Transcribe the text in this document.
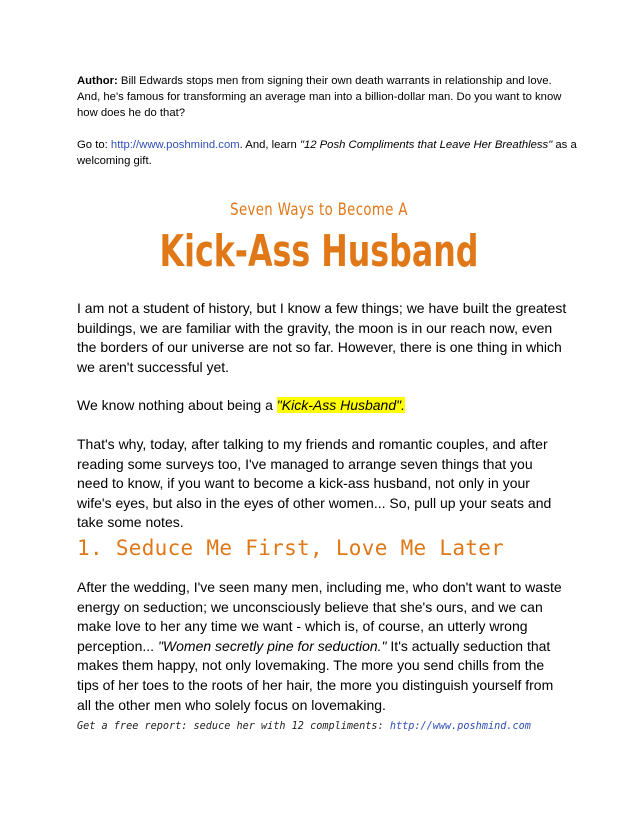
Author: Bill Edwards stops men from signing their own death warrants in relationship and love. And, he's famous for transforming an average man into a billion-dollar man. Do you want to know how does he do that?

Go to: http://www.poshmind.com. And, learn "12 Posh Compliments that Leave Her Breathless" as a welcoming gift.

Seven Ways to Become A
Kick-Ass Husband

I am not a student of history, but I know a few things; we have built the greatest buildings, we are familiar with the gravity, the moon is in our reach now, even the borders of our universe are not so far. However, there is one thing in which we aren't successful yet.

We know nothing about being a "Kick-Ass Husband".

That's why, today, after talking to my friends and romantic couples, and after reading some surveys too, I've managed to arrange seven things that you need to know, if you want to become a kick-ass husband, not only in your wife's eyes, but also in the eyes of other women... So, pull up your seats and take some notes.

1. Seduce Me First, Love Me Later

After the wedding, I've seen many men, including me, who don't want to waste energy on seduction; we unconsciously believe that she's ours, and we can make love to her any time we want - which is, of course, an utterly wrong perception... "Women secretly pine for seduction." It's actually seduction that makes them happy, not only lovemaking. The more you send chills from the tips of her toes to the roots of her hair, the more you distinguish yourself from all the other men who solely focus on lovemaking.

Get a free report: seduce her with 12 compliments: http://www.poshmind.com
